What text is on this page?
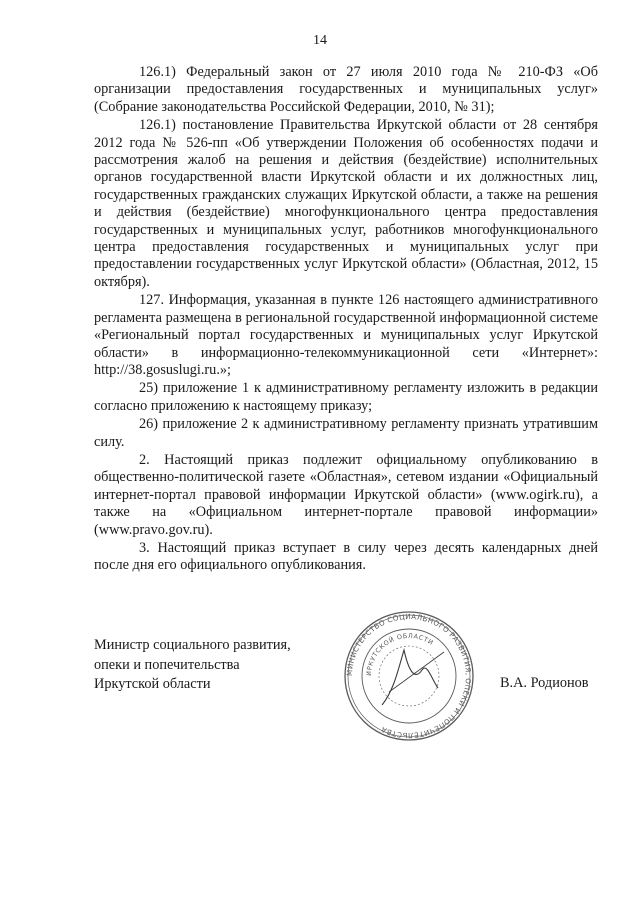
14

126.1) Федеральный закон от 27 июля 2010 года № 210-ФЗ «Об организации предоставления государственных и муниципальных услуг» (Собрание законодательства Российской Федерации, 2010, № 31);

126.1) постановление Правительства Иркутской области от 28 сентября 2012 года № 526-пп «Об утверждении Положения об особенностях подачи и рассмотрения жалоб на решения и действия (бездействие) исполнительных органов государственной власти Иркутской области и их должностных лиц, государственных гражданских служащих Иркутской области, а также на решения и действия (бездействие) многофункционального центра предоставления государственных и муниципальных услуг, работников многофункционального центра предоставления государственных и муниципальных услуг при предоставлении государственных услуг Иркутской области» (Областная, 2012, 15 октября).

127. Информация, указанная в пункте 126 настоящего административного регламента размещена в региональной государственной информационной системе «Региональный портал государственных и муниципальных услуг Иркутской области» в информационно-телекоммуникационной сети «Интернет»: http://38.gosuslugi.ru.»;

25) приложение 1 к административному регламенту изложить в редакции согласно приложению к настоящему приказу;

26) приложение 2 к административному регламенту признать утратившим силу.

2. Настоящий приказ подлежит официальному опубликованию в общественно-политической газете «Областная», сетевом издании «Официальный интернет-портал правовой информации Иркутской области» (www.ogirk.ru), а также на «Официальном интернет-портале правовой информации» (www.pravo.gov.ru).

3. Настоящий приказ вступает в силу через десять календарных дней после дня его официального опубликования.

МИНИСТЕРСТВО СОЦИАЛЬНОГО РАЗВИТИЯ, ОПЕКИ И ПОПЕЧИТЕЛЬСТВА
ИРКУТСКОЙ ОБЛАСТИ
Министр социального развития,
опеки и попечительства
Иркутской области	В.А. Родионов
